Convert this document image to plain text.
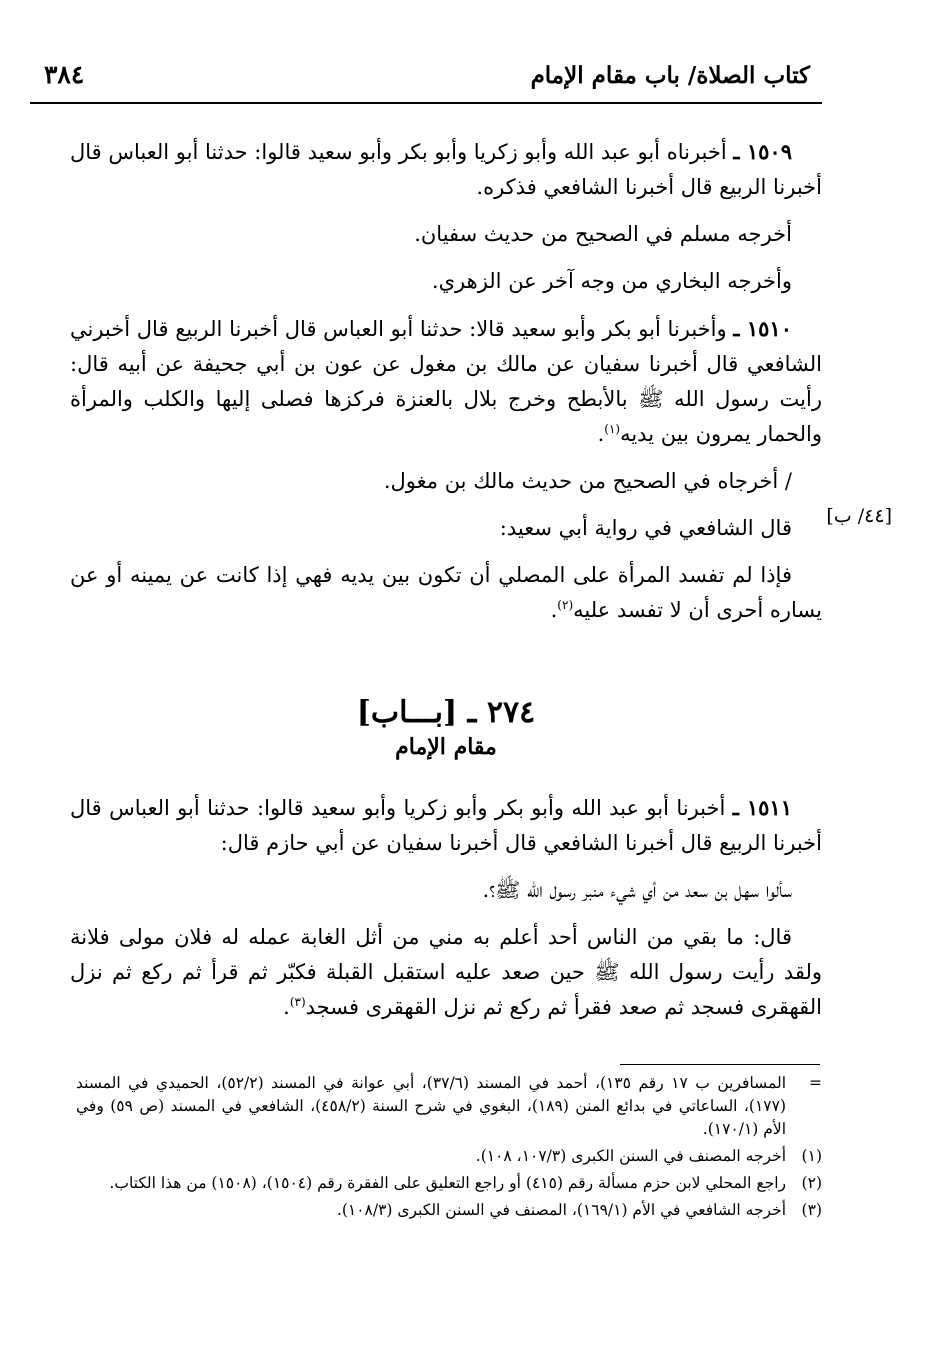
كتاب الصلاة/ باب مقام الإمام
٣٨٤

١٥٠٩ ـ أخبرناه أبو عبد الله وأبو زكريا وأبو بكر وأبو سعيد قالوا: حدثنا أبو العباس قال أخبرنا الربيع قال أخبرنا الشافعي فذكره.

أخرجه مسلم في الصحيح من حديث سفيان.

وأخرجه البخاري من وجه آخر عن الزهري.

١٥١٠ ـ وأخبرنا أبو بكر وأبو سعيد قالا: حدثنا أبو العباس قال أخبرنا الربيع قال أخبرني الشافعي قال أخبرنا سفيان عن مالك بن مغول عن عون بن أبي جحيفة عن أبيه قال: رأيت رسول الله ﷺ بالأبطح وخرج بلال بالعنزة فركزها فصلى إليها والكلب والمرأة والحمار يمرون بين يديه$^{(١)}$.

/ أخرجاه في الصحيح من حديث مالك بن مغول.

قال الشافعي في رواية أبي سعيد:

فإذا لم تفسد المرأة على المصلي أن تكون بين يديه فهي إذا كانت عن يمينه أو عن يساره أحرى أن لا تفسد عليه$^{(٢)}$.

[٤٤/ ب]
٢٧٤ ـ [بـــاب]
مقام الإمام

١٥١١ ـ أخبرنا أبو عبد الله وأبو بكر وأبو زكريا وأبو سعيد قالوا: حدثنا أبو العباس قال أخبرنا الربيع قال أخبرنا الشافعي قال أخبرنا سفيان عن أبي حازم قال:

سألوا سهل بن سعد من أي شيء منبر رسول الله ﷺ؟.

قال: ما بقي من الناس أحد أعلم به مني من أثل الغابة عمله له فلان مولى فلانة ولقد رأيت رسول الله ﷺ حين صعد عليه استقبل القبلة فكبّر ثم قرأ ثم ركع ثم نزل القهقرى فسجد ثم صعد فقرأ ثم ركع ثم نزل القهقرى فسجد$^{(٣)}$.

=
المسافرين ب ١٧ رقم ١٣٥)، أحمد في المسند (٣٧/٦)، أبي عوانة في المسند (٥٢/٢)، الحميدي في المسند (١٧٧)، الساعاتي في بدائع المنن (١٨٩)، البغوي في شرح السنة (٤٥٨/٢)، الشافعي في المسند (ص ٥٩) وفي الأم (١٧٠/١).
(١)
أخرجه المصنف في السنن الكبرى (١٠٧/٣، ١٠٨).
(٢)
راجع المحلي لابن حزم مسألة رقم (٤١٥) أو راجع التعليق على الفقرة رقم (١٥٠٤)، (١٥٠٨) من هذا الكتاب.
(٣)
أخرجه الشافعي في الأم (١٦٩/١)، المصنف في السنن الكبرى (١٠٨/٣).
